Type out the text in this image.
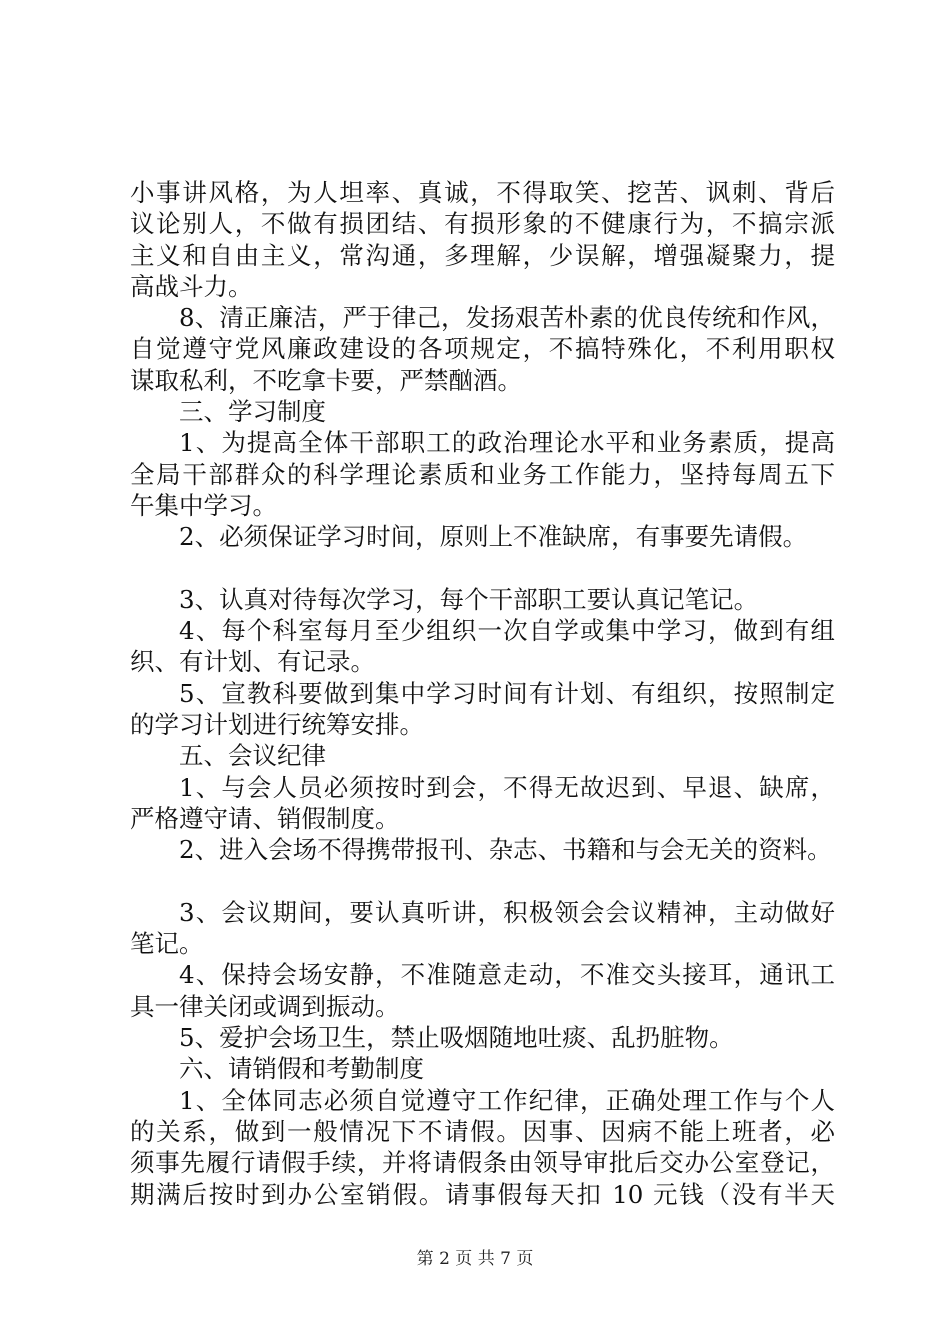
小事讲风格，为人坦率、真诚，不得取笑、挖苦、讽刺、背后
议论别人，不做有损团结、有损形象的不健康行为，不搞宗派
主义和自由主义，常沟通，多理解，少误解，增强凝聚力，提
高战斗力。
8、清正廉洁，严于律己，发扬艰苦朴素的优良传统和作风，
自觉遵守党风廉政建设的各项规定，不搞特殊化，不利用职权
谋取私利，不吃拿卡要，严禁酗酒。
三、学习制度
1、为提高全体干部职工的政治理论水平和业务素质，提高
全局干部群众的科学理论素质和业务工作能力，坚持每周五下
午集中学习。
2、必须保证学习时间，原则上不准缺席，有事要先请假。
3、认真对待每次学习，每个干部职工要认真记笔记。
4、每个科室每月至少组织一次自学或集中学习，做到有组
织、有计划、有记录。
5、宣教科要做到集中学习时间有计划、有组织，按照制定
的学习计划进行统筹安排。
五、会议纪律
1、与会人员必须按时到会，不得无故迟到、早退、缺席，
严格遵守请、销假制度。
2、进入会场不得携带报刊、杂志、书籍和与会无关的资料。
3、会议期间，要认真听讲，积极领会会议精神，主动做好
笔记。
4、保持会场安静，不准随意走动，不准交头接耳，通讯工
具一律关闭或调到振动。
5、爱护会场卫生，禁止吸烟随地吐痰、乱扔脏物。
六、请销假和考勤制度
1、全体同志必须自觉遵守工作纪律，正确处理工作与个人
的关系，做到一般情况下不请假。因事、因病不能上班者，必
须事先履行请假手续，并将请假条由领导审批后交办公室登记，
期满后按时到办公室销假。请事假每天扣 10 元钱（没有半天
第 2 页 共 7 页
